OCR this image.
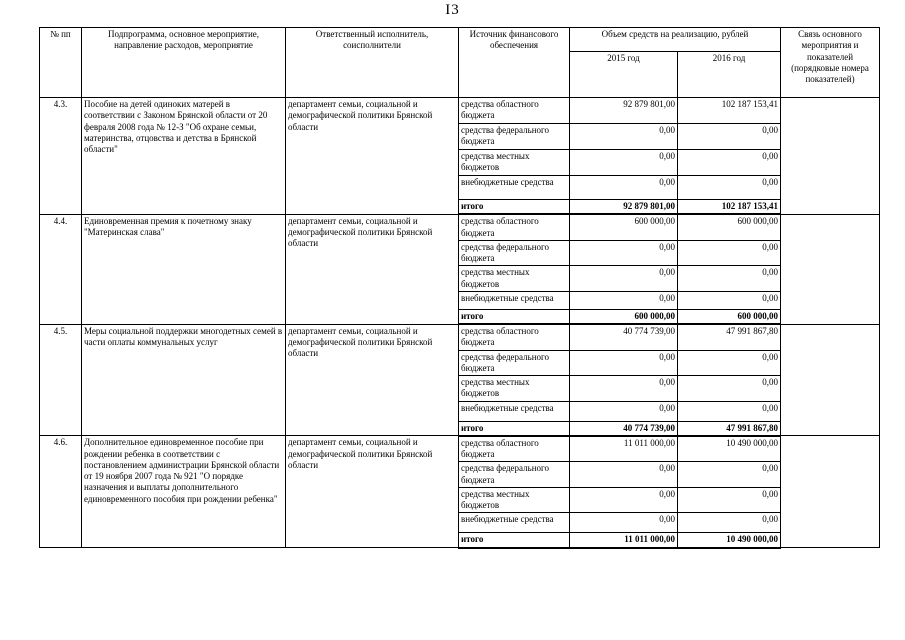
I3
№ пп	Подпрограмма, основное мероприятие, направление расходов, мероприятие	Ответственный исполнитель, соисполнители	Источник финансового обеспечения	Объем средств на реализацию, рублей		Связь основного мероприятия и показателей (порядковые номера показателей)
				2015 год	2016 год	
4.3.	Пособие на детей одиноких матерей в соответствии с Законом Брянской области от 20 февраля 2008 года № 12-З "Об охране семьи, материнства, отцовства и детства в Брянской области"	департамент семьи, социальной и демографической политики Брянской области	средства областного бюджета	92 879 801,00	102 187 153,41	
			средства федерального бюджета	0,00	0,00	
			средства местных бюджетов	0,00	0,00	
			внебюджетные средства	0,00	0,00	
			итого	92 879 801,00	102 187 153,41	
4.4.	Единовременная премия к почетному знаку "Материнская слава"	департамент семьи, социальной и демографической политики Брянской области	средства областного бюджета	600 000,00	600 000,00	
			средства федерального бюджета	0,00	0,00	
			средства местных бюджетов	0,00	0,00	
			внебюджетные средства	0,00	0,00	
			итого	600 000,00	600 000,00	
4.5.	Меры социальной поддержки многодетных семей в части оплаты коммунальных услуг	департамент семьи, социальной и демографической политики Брянской области	средства областного бюджета	40 774 739,00	47 991 867,80	
			средства федерального бюджета	0,00	0,00	
			средства местных бюджетов	0,00	0,00	
			внебюджетные средства	0,00	0,00	
			итого	40 774 739,00	47 991 867,80	
4.6.	Дополнительное единовременное пособие при рождении ребенка в соответствии с постановлением администрации Брянской области от 19 ноября 2007 года № 921 "О порядке назначения и выплаты дополнительного единовременного пособия при рождении ребенка"	департамент семьи, социальной и демографической политики Брянской области	средства областного бюджета	11 011 000,00	10 490 000,00	
			средства федерального бюджета	0,00	0,00	
			средства местных бюджетов	0,00	0,00	
			внебюджетные средства	0,00	0,00	
			итого	11 011 000,00	10 490 000,00	
